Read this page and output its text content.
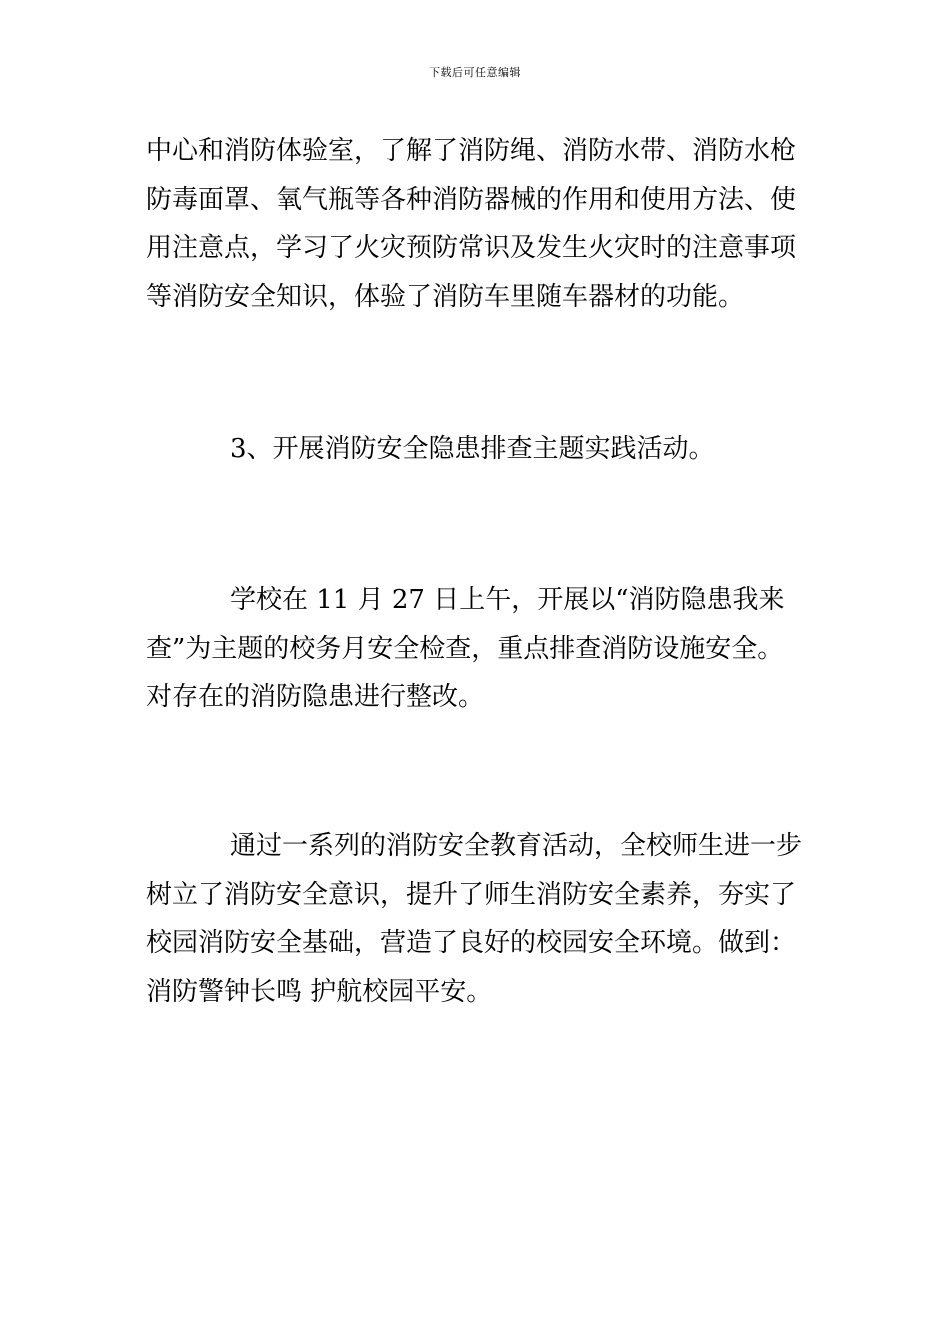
下载后可任意编辑
中心和消防体验室，了解了消防绳、消防水带、消防水枪
防毒面罩、氧气瓶等各种消防器械的作用和使用方法、使
用注意点，学习了火灾预防常识及发生火灾时的注意事项
等消防安全知识，体验了消防车里随车器材的功能。
3、开展消防安全隐患排查主题实践活动。
学校在 11 月 27 日上午，开展以“消防隐患我来
查”为主题的校务月安全检查，重点排查消防设施安全。
对存在的消防隐患进行整改。
通过一系列的消防安全教育活动，全校师生进一步
树立了消防安全意识，提升了师生消防安全素养，夯实了
校园消防安全基础，营造了良好的校园安全环境。做到：
消防警钟长鸣 护航校园平安。
